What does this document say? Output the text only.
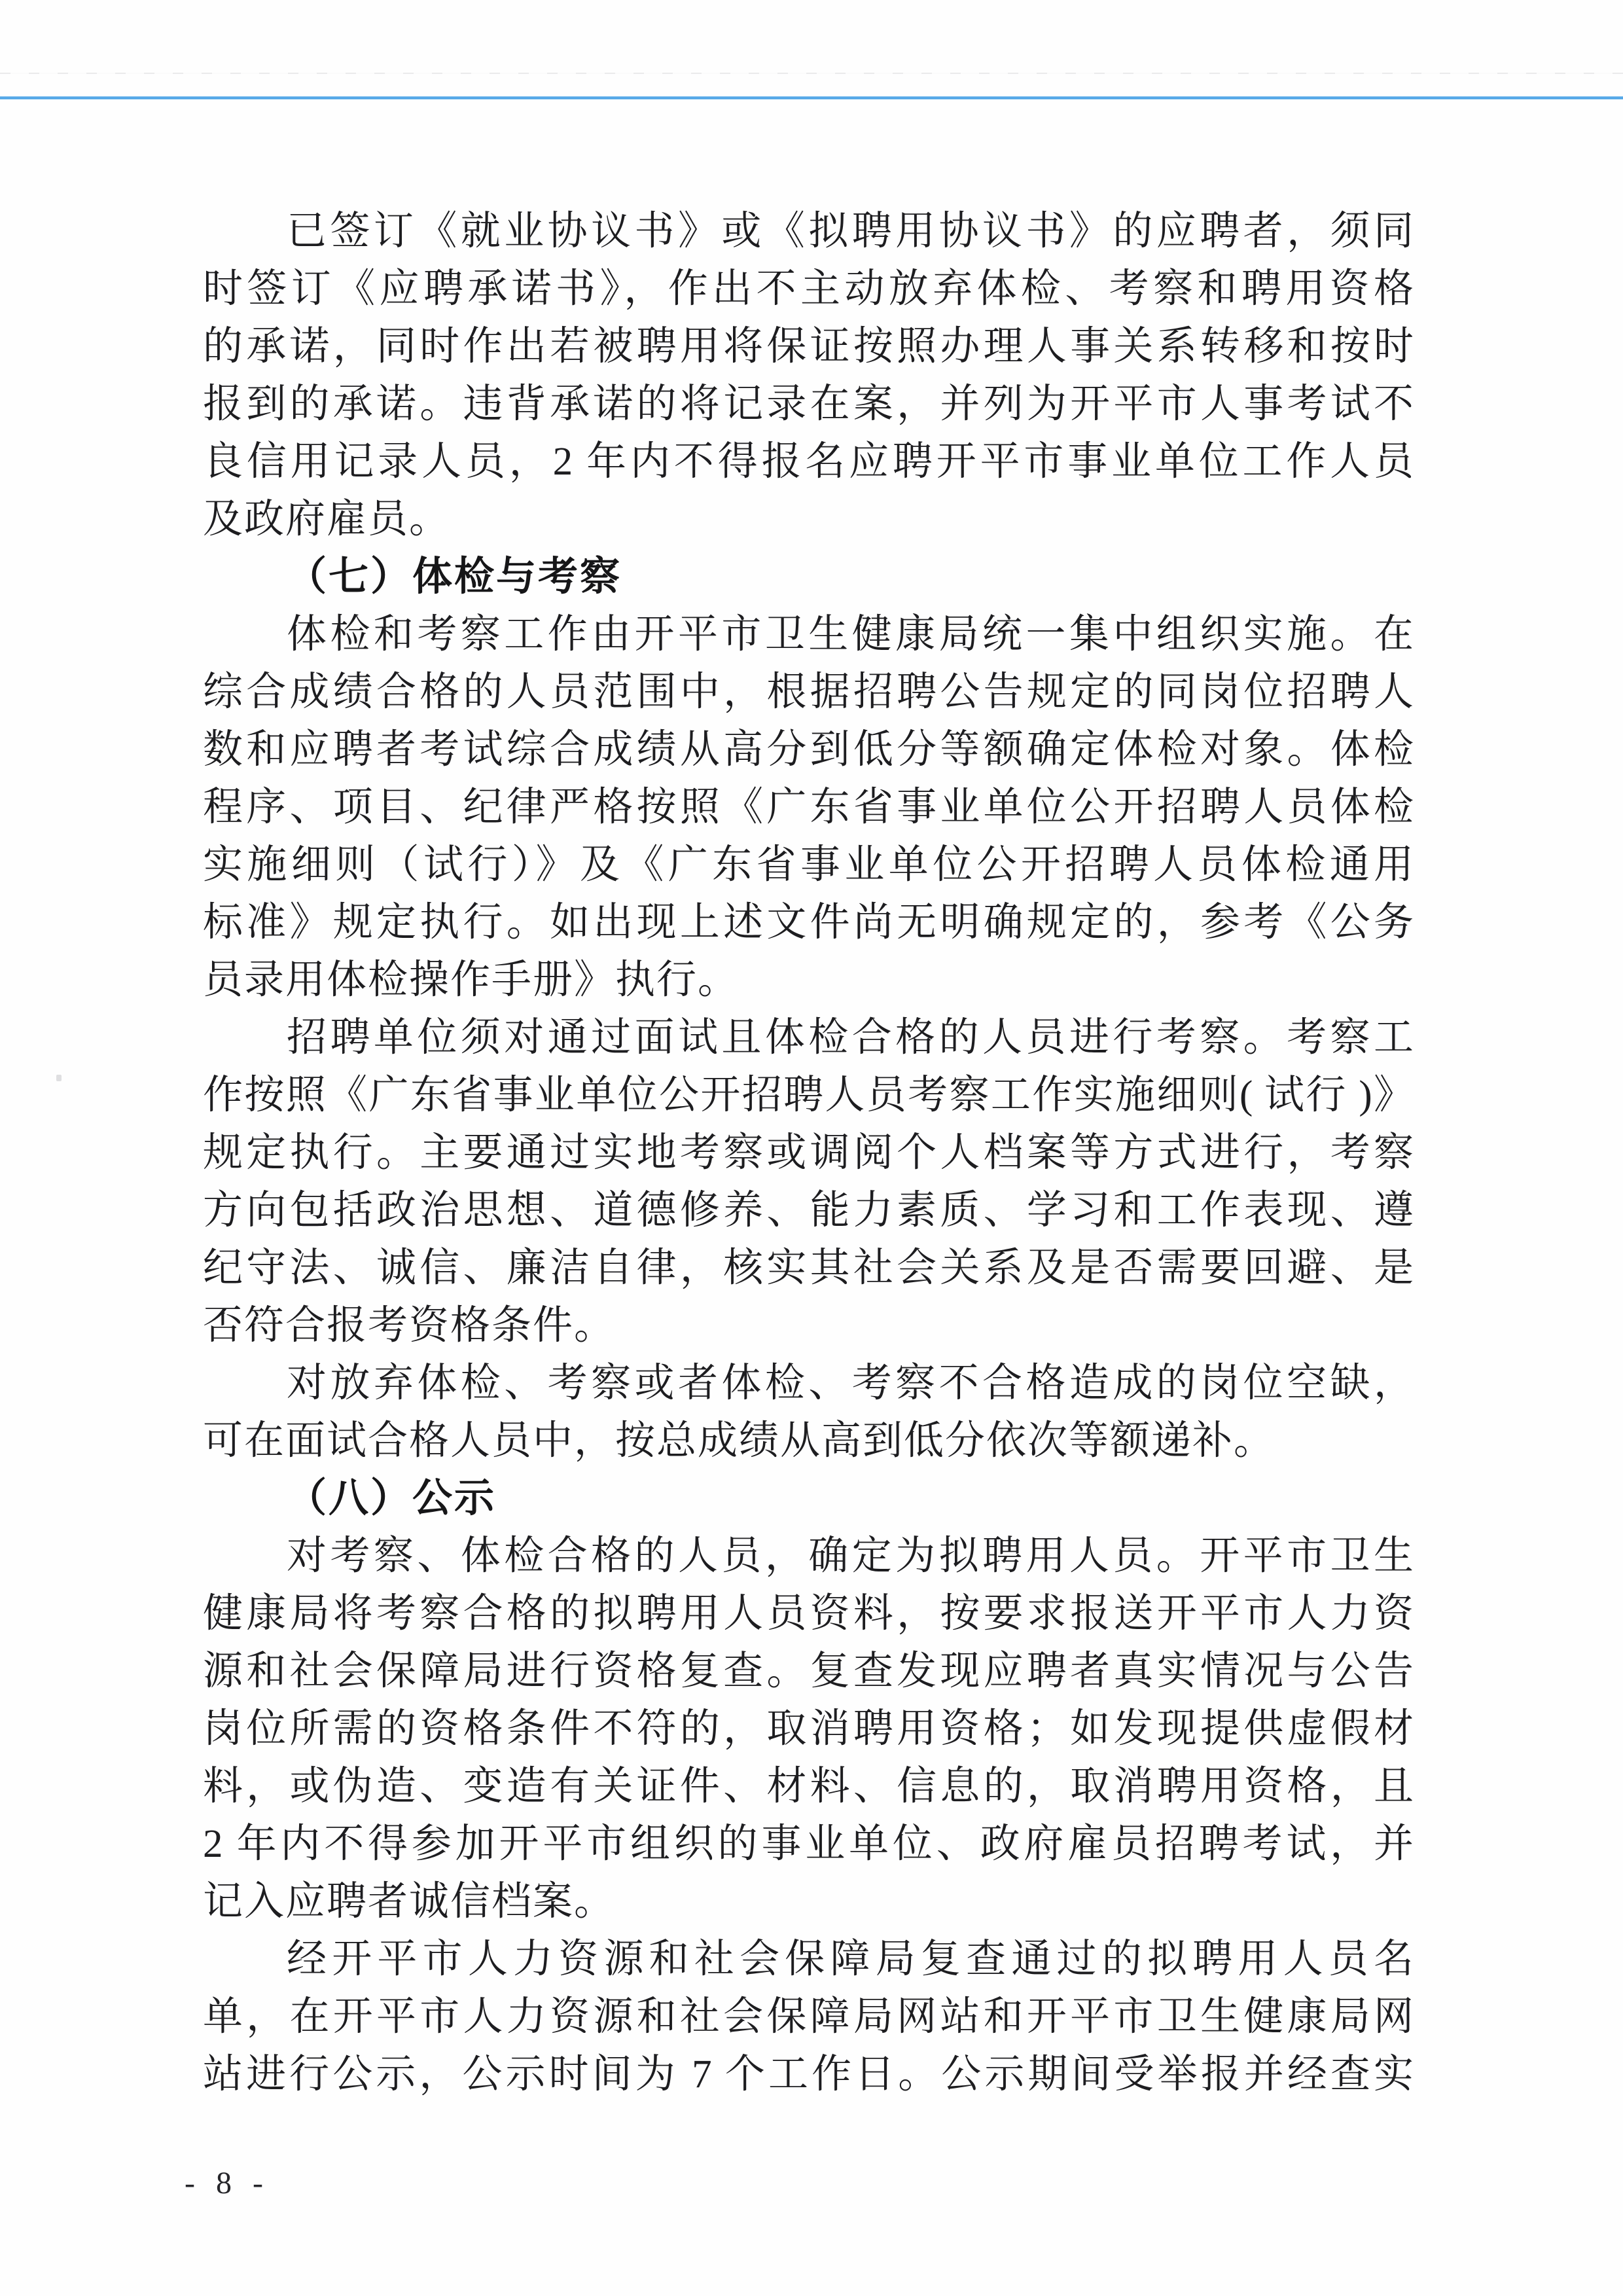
已签订《就业协议书》或《拟聘用协议书》的应聘者，须同
时签订《应聘承诺书》，作出不主动放弃体检、考察和聘用资格
的承诺，同时作出若被聘用将保证按照办理人事关系转移和按时
报到的承诺。违背承诺的将记录在案，并列为开平市人事考试不
良信用记录人员，2 年内不得报名应聘开平市事业单位工作人员
及政府雇员。
（七）体检与考察
体检和考察工作由开平市卫生健康局统一集中组织实施。在
综合成绩合格的人员范围中，根据招聘公告规定的同岗位招聘人
数和应聘者考试综合成绩从高分到低分等额确定体检对象。体检
程序、项目、纪律严格按照《广东省事业单位公开招聘人员体检
实施细则（试行）》及《广东省事业单位公开招聘人员体检通用
标准》规定执行。如出现上述文件尚无明确规定的，参考《公务
员录用体检操作手册》执行。
招聘单位须对通过面试且体检合格的人员进行考察。考察工
作按照《广东省事业单位公开招聘人员考察工作实施细则( 试行 )》
规定执行。主要通过实地考察或调阅个人档案等方式进行，考察
方向包括政治思想、道德修养、能力素质、学习和工作表现、遵
纪守法、诚信、廉洁自律，核实其社会关系及是否需要回避、是
否符合报考资格条件。
对放弃体检、考察或者体检、考察不合格造成的岗位空缺，
可在面试合格人员中，按总成绩从高到低分依次等额递补。
（八）公示
对考察、体检合格的人员，确定为拟聘用人员。开平市卫生
健康局将考察合格的拟聘用人员资料，按要求报送开平市人力资
源和社会保障局进行资格复查。复查发现应聘者真实情况与公告
岗位所需的资格条件不符的，取消聘用资格；如发现提供虚假材
料，或伪造、变造有关证件、材料、信息的，取消聘用资格，且
2 年内不得参加开平市组织的事业单位、政府雇员招聘考试，并
记入应聘者诚信档案。
经开平市人力资源和社会保障局复查通过的拟聘用人员名
单，在开平市人力资源和社会保障局网站和开平市卫生健康局网
站进行公示，公示时间为 7 个工作日。公示期间受举报并经查实
- 8 -
